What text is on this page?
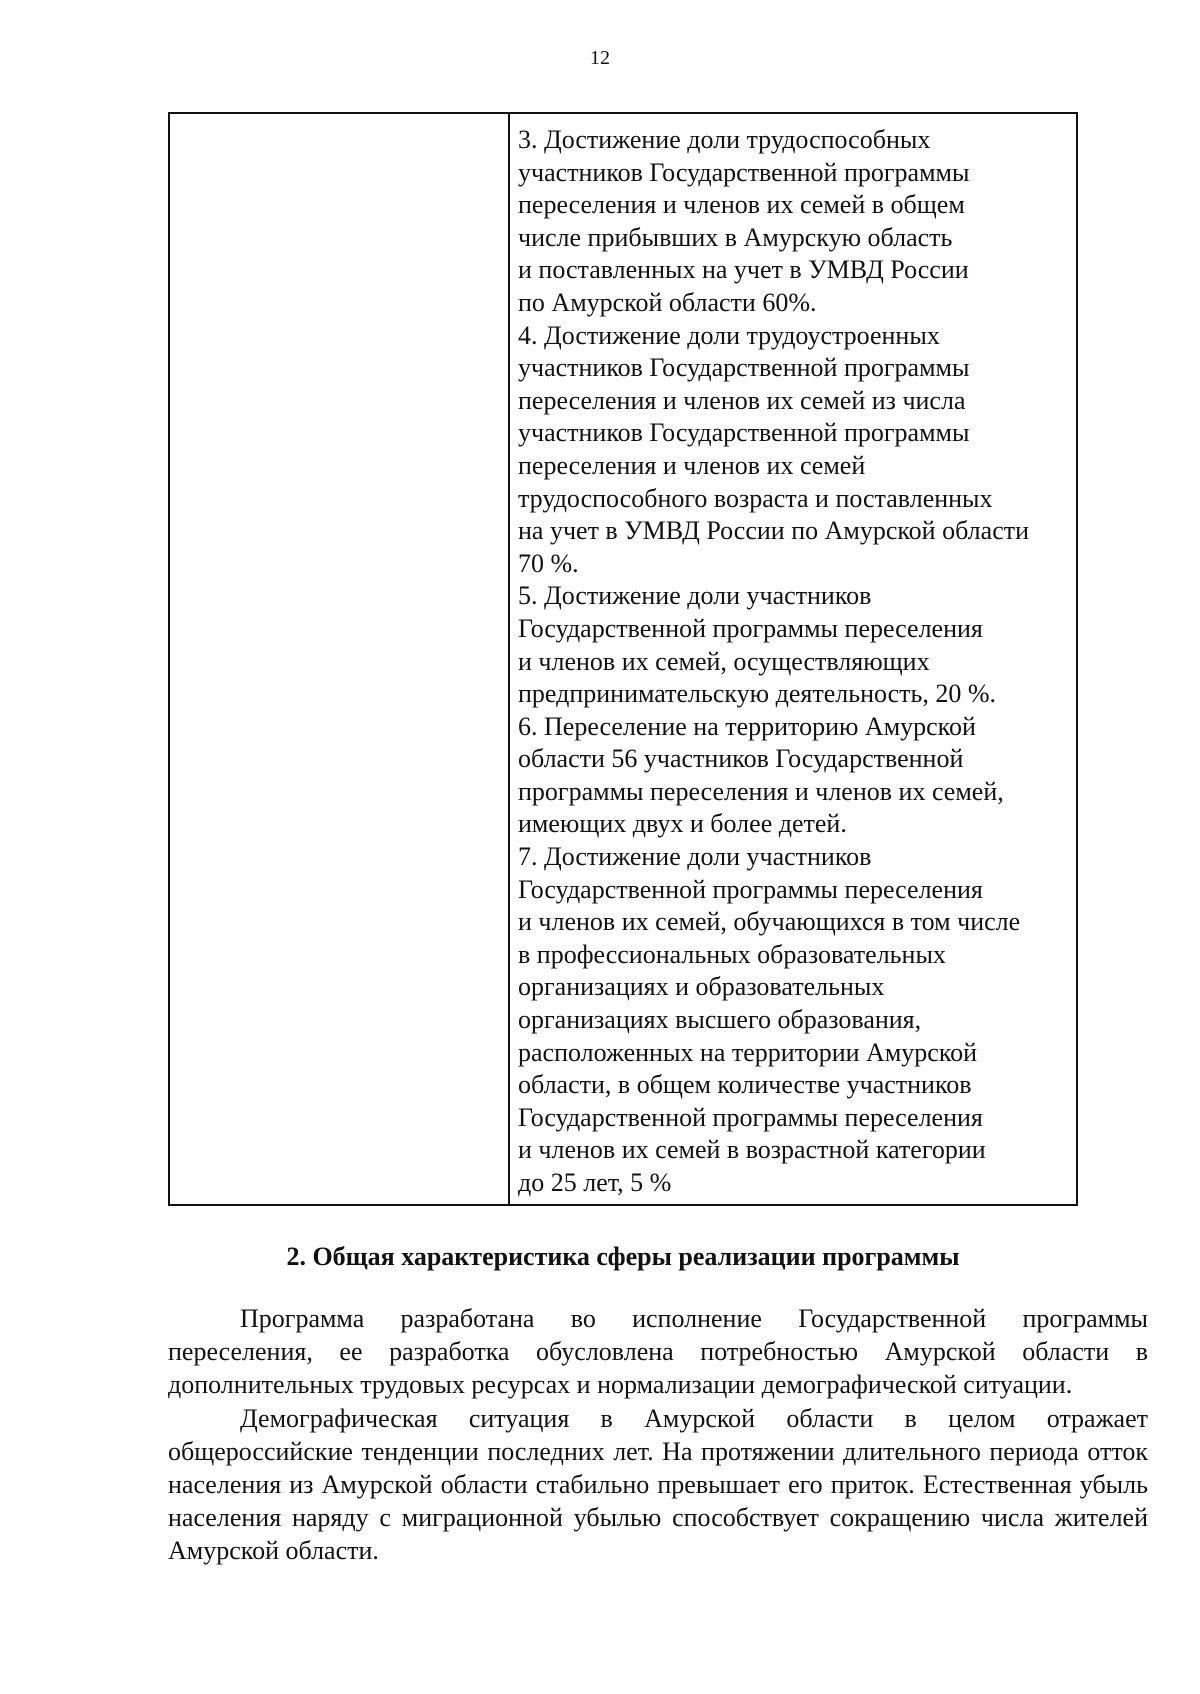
12
3. Достижение доли трудоспособных
участников Государственной программы
переселения и членов их семей в общем
числе прибывших в Амурскую область
и поставленных на учет в УМВД России
по Амурской области 60%.
4. Достижение доли трудоустроенных
участников Государственной программы
переселения и членов их семей из числа
участников Государственной программы
переселения и членов их семей
трудоспособного возраста и поставленных
на учет в УМВД России по Амурской области
70 %.
5. Достижение доли участников
Государственной программы переселения
и членов их семей, осуществляющих
предпринимательскую деятельность, 20 %.
6. Переселение на территорию Амурской
области 56 участников Государственной
программы переселения и членов их семей,
имеющих двух и более детей.
7. Достижение доли участников
Государственной программы переселения
и членов их семей, обучающихся в том числе
в профессиональных образовательных
организациях и образовательных
организациях высшего образования,
расположенных на территории Амурской
области, в общем количестве участников
Государственной программы переселения
и членов их семей в возрастной категории
до 25 лет, 5 %
2. Общая характеристика сферы реализации программы

Программа разработана во исполнение Государственной программы переселения, ее разработка обусловлена потребностью Амурской области в дополнительных трудовых ресурсах и нормализации демографической ситуации.

Демографическая ситуация в Амурской области в целом отражает общероссийские тенденции последних лет. На протяжении длительного периода отток населения из Амурской области стабильно превышает его приток. Естественная убыль населения наряду с миграционной убылью способствует сокращению числа жителей Амурской области.
